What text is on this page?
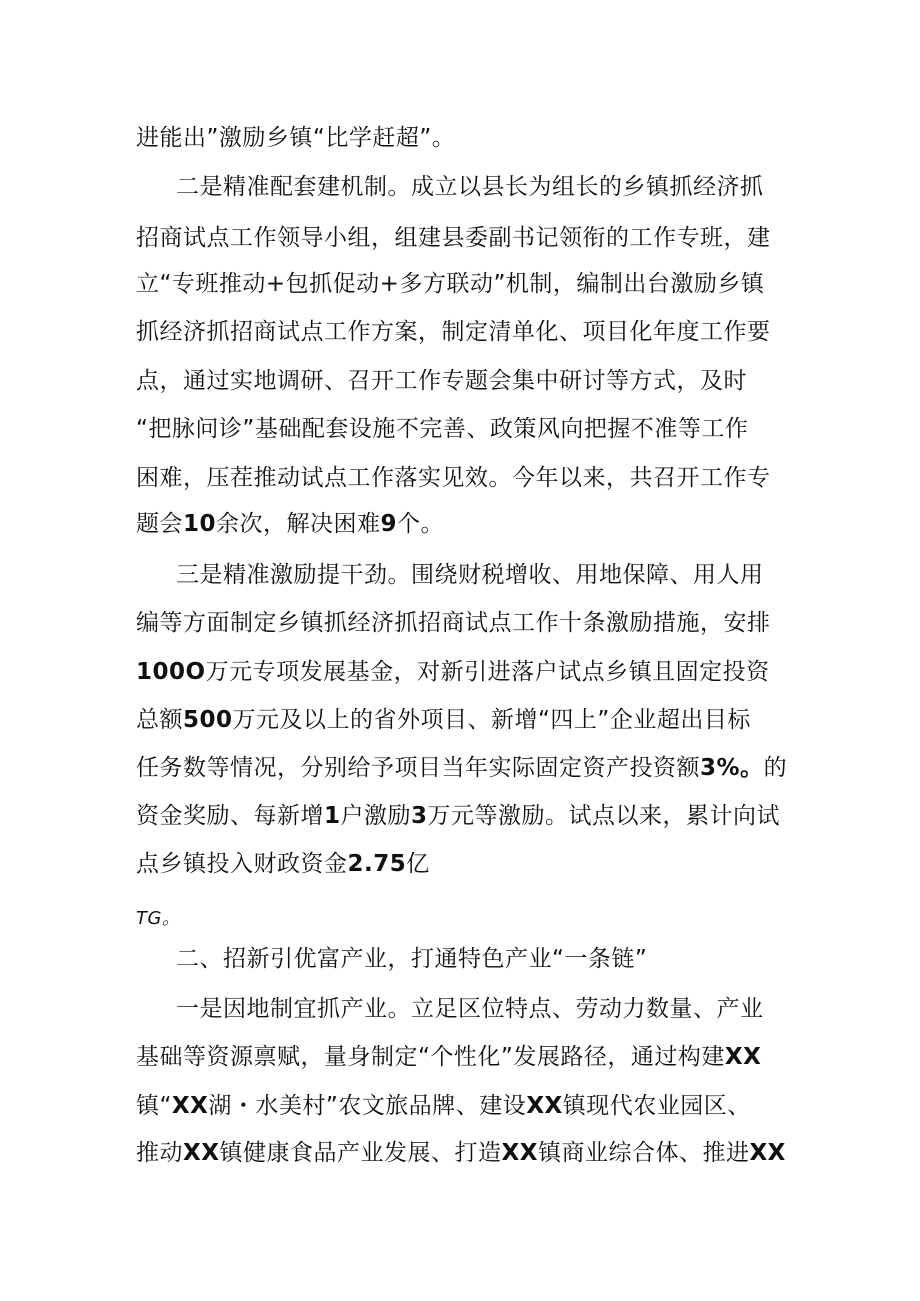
进能出”激励乡镇“比学赶超”。
二是精准配套建机制。成立以县长为组长的乡镇抓经济抓
招商试点工作领导小组，组建县委副书记领衔的工作专班，建
立“专班推动+包抓促动+多方联动”机制，编制出台激励乡镇
抓经济抓招商试点工作方案，制定清单化、项目化年度工作要
点，通过实地调研、召开工作专题会集中研讨等方式，及时
“把脉问诊”基础配套设施不完善、政策风向把握不准等工作
困难，压茬推动试点工作落实见效。今年以来，共召开工作专
题会10余次，解决困难9个。
三是精准激励提干劲。围绕财税增收、用地保障、用人用
编等方面制定乡镇抓经济抓招商试点工作十条激励措施，安排
100O万元专项发展基金，对新引进落户试点乡镇且固定投资
总额500万元及以上的省外项目、新增“四上”企业超出目标
任务数等情况，分别给予项目当年实际固定资产投资额3%。的
资金奖励、每新增1户激励3万元等激励。试点以来，累计向试
点乡镇投入财政资金2.75亿
TG。
二、招新引优富产业，打通特色产业“一条链”
一是因地制宜抓产业。立足区位特点、劳动力数量、产业
基础等资源禀赋，量身制定“个性化”发展路径，通过构建XX
镇“XX湖・水美村”农文旅品牌、建设XX镇现代农业园区、
推动XX镇健康食品产业发展、打造XX镇商业综合体、推进XX
